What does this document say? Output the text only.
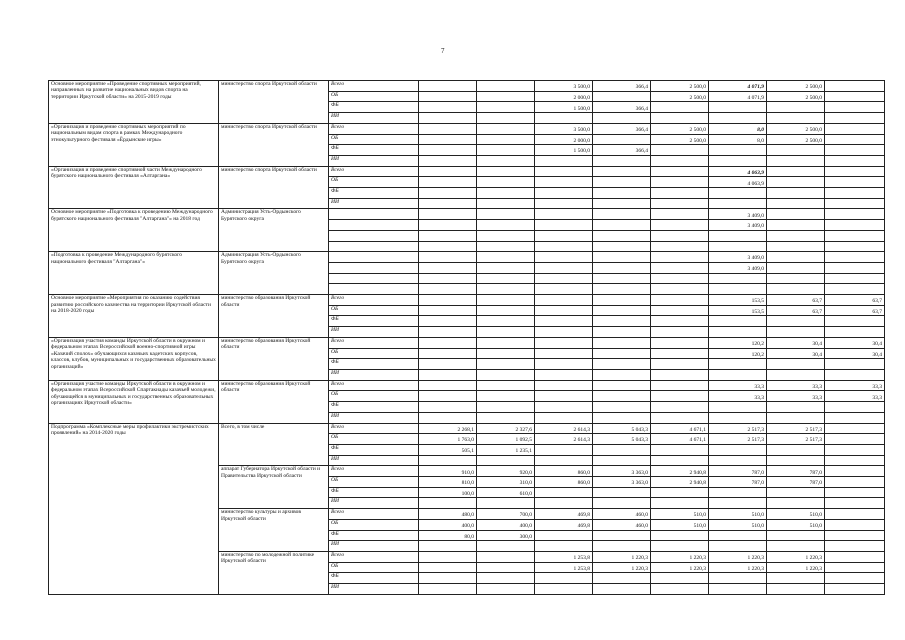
7
Основное мероприятие «Проведение спортивных мероприятий, направленных на развитие национальных видов спорта на территории Иркутской области» на 2015-2019 годы	министерство спорта Иркутской области	Всего			3 500,0	366,4	2 500,0	4 071,9	2 500,0	
		ОБ			2 000,0		2 500,0	4 071,9	2 500,0	
		ФБ			1 500,0	366,4				
		ИИ								
«Организация и проведение спортивных мероприятий по национальным видам спорта в рамках Международного этнокультурного фестиваля «Ёрдынские игры»	министерство спорта Иркутской области	Всего			3 500,0	366,4	2 500,0	8,0	2 500,0	
		ОБ			2 000,0		2 500,0	8,0	2 500,0	
		ФБ			1 500,0	366,4				
		ИИ								
«Организация и проведение спортивной части Международного бурятского национального фестиваля «Алтаргана»	министерство спорта Иркутской области	Всего						4 063,9		
		ОБ						4 063,9		
		ФБ								
		ИИ								
Основное мероприятие «Подготовка к проведению Международного бурятского национального фестиваля "Алтаргана"» на 2018 год	Администрация Усть-Ордынского Бурятского округа							3 409,0		
								3 409,0		

«Подготовка к проведение Международного бурятского национального фестиваля "Алтаргана"»	Администрация Усть-Ордынского Бурятского округа							3 409,0		
								3 409,0		

Основное мероприятие «Мероприятия по оказанию содействия развитию российского казачества на территории Иркутской области на 2018-2020 годы	министерство образования Иркутской области	Всего						153,5	63,7	63,7
		ОБ						153,5	63,7	63,7
		ФБ								
		ИИ								
«Организация участия команды Иркутской области в окружном и федеральном этапах Всероссийской военно-спортивной игры «Казачий сполох» обучающихся казачьих кадетских корпусов, классов, клубов, муниципальных и государственных образовательных организаций»	министерство образования Иркутской области	Всего						120,2	30,4	30,4
		ОБ						120,2	30,4	30,4
		ФБ								
		ИИ								
«Организация участие команды Иркутской области в окружном и федеральном этапах Всероссийской Спартакиады казачьей молодежи, обучающейся в муниципальных и государственных образовательных организациях Иркутской области»	министерство образования Иркутской области	Всего						33,3	33,3	33,3
		ОБ						33,3	33,3	33,3
		ФБ								
		ИИ								
Подпрограмма «Комплексные меры профилактики экстремистских проявлений» на 2014-2020 годы	Всего, в том числе	Всего	2 268,1	2 327,6	2 614,3	5 043,3	4 671,1	2 517,3	2 517,3	
		ОБ	1 763,0	1 092,5	2 614,3	5 043,3	4 671,1	2 517,3	2 517,3	
		ФБ	505,1	1 235,1						
		ИИ								
	аппарат Губернатора Иркутской области и Правительства Иркутской области	Всего	910,0	920,0	860,0	3 363,0	2 940,8	787,0	787,0	
		ОБ	810,0	310,0	860,0	3 363,0	2 940,8	787,0	787,0	
		ФБ	100,0	610,0						
		ИИ								
	министерство культуры и архивов Иркутской области	Всего	480,0	700,0	469,8	460,0	510,0	510,0	510,0	
		ОБ	400,0	400,0	469,8	460,0	510,0	510,0	510,0	
		ФБ	80,0	300,0						
		ИИ								
	министерство по молодежной политике Иркутской области	Всего			1 253,8	1 220,3	1 220,3	1 220,3	1 220,3	
		ОБ			1 253,8	1 220,3	1 220,3	1 220,3	1 220,3	
		ФБ								
		ИИ								
